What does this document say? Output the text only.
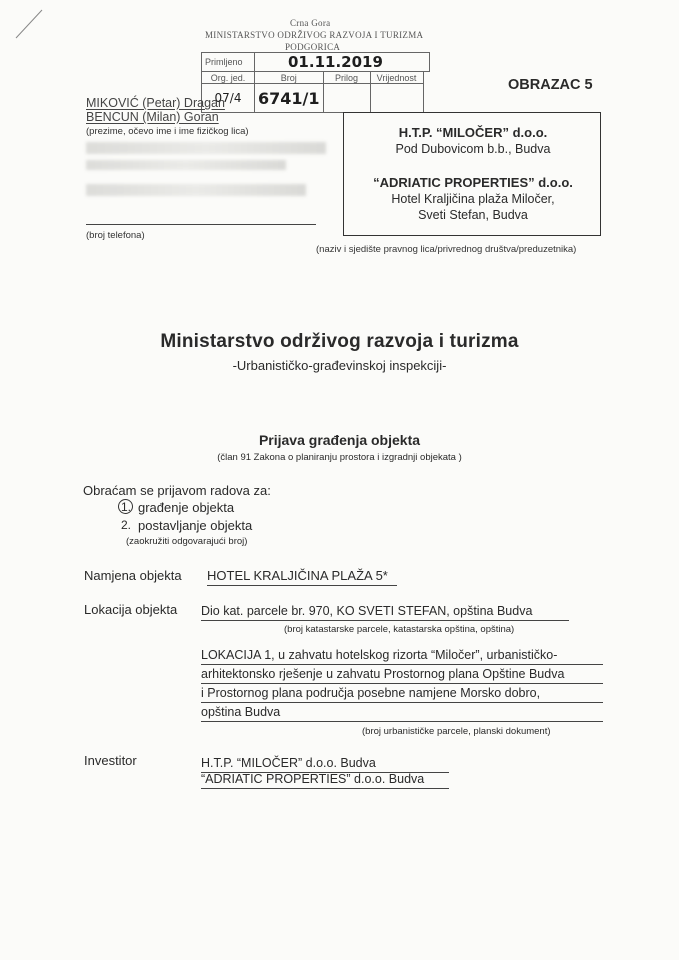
Crna Gora
MINISTARSTVO ODRŽIVOG RAZVOJA I TURIZMA
PODGORICA
Primljeno	01.11.2019			
Org. jed.	Broj	Prilog	Vrijednost	
07/4	6741/1			
OBRAZAC 5
MIKOVIĆ (Petar) Dragan
BENCUN (Milan) Goran
(prezime, očevo ime i ime fizičkog lica)
(broj telefona)
H.T.P. “MILOČER” d.o.o.
Pod Dubovicom b.b., Budva
“ADRIATIC PROPERTIES” d.o.o.
Hotel Kraljičina plaža Miločer,
Sveti Stefan, Budva
(naziv i sjedište pravnog lica/privrednog društva/preduzetnika)
Ministarstvo održivog razvoja i turizma
-Urbanističko-građevinskoj inspekciji-
Prijava građenja objekta
(član 91 Zakona o planiranju prostora i izgradnji objekata )
Obraćam se prijavom radova za:
1. građenje objekta
2. postavljanje objekta
(zaokružiti odgovarajući broj)
Namjena objekta HOTEL KRALJIČINA PLAŽA 5*
Lokacija objekta Dio kat. parcele br. 970, KO SVETI STEFAN, opština Budva
(broj katastarske parcele, katastarska opština, opština)
LOKACIJA 1, u zahvatu hotelskog rizorta “Miločer”, urbanističko-
arhitektonsko rješenje u zahvatu Prostornog plana Opštine Budva
i Prostornog plana područja posebne namjene Morsko dobro,
opština Budva
(broj urbanističke parcele, planski dokument)
Investitor	H.T.P. “MILOČER” d.o.o. Budva
“ADRIATIC PROPERTIES” d.o.o. Budva
